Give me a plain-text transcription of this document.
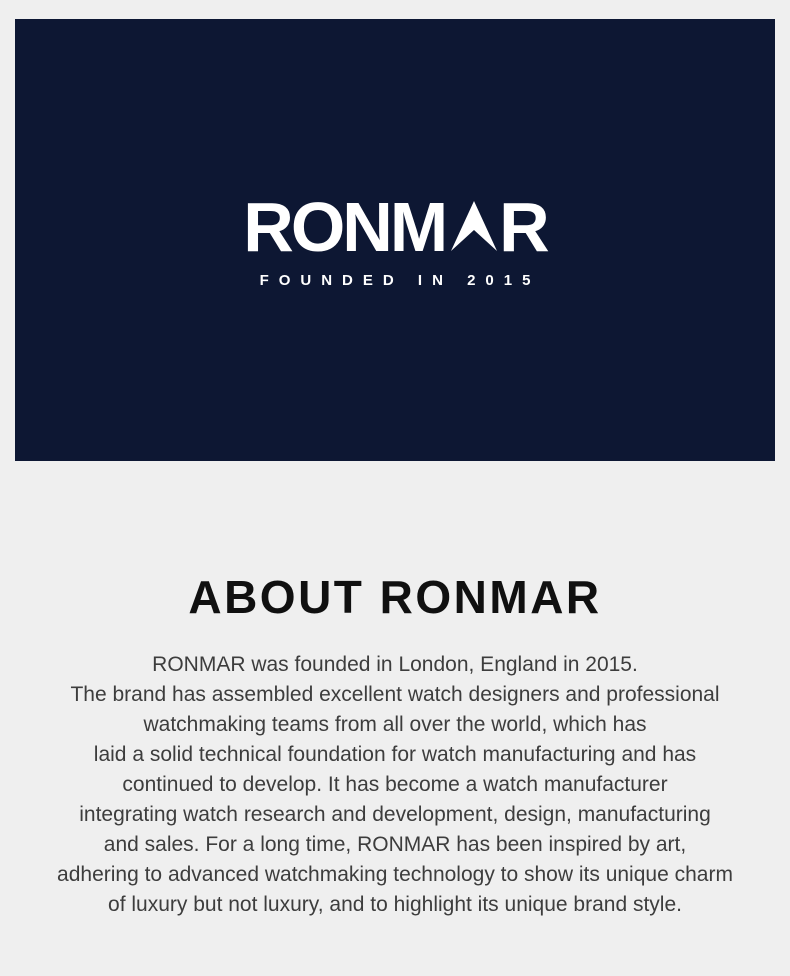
RONM R
FOUNDED IN 2015
ABOUT RONMAR
RONMAR was founded in London, England in 2015.
The brand has assembled excellent watch designers and professional
watchmaking teams from all over the world, which has
laid a solid technical foundation for watch manufacturing and has
continued to develop. It has become a watch manufacturer
integrating watch research and development, design, manufacturing
and sales. For a long time, RONMAR has been inspired by art,
adhering to advanced watchmaking technology to show its unique charm
of luxury but not luxury, and to highlight its unique brand style.
